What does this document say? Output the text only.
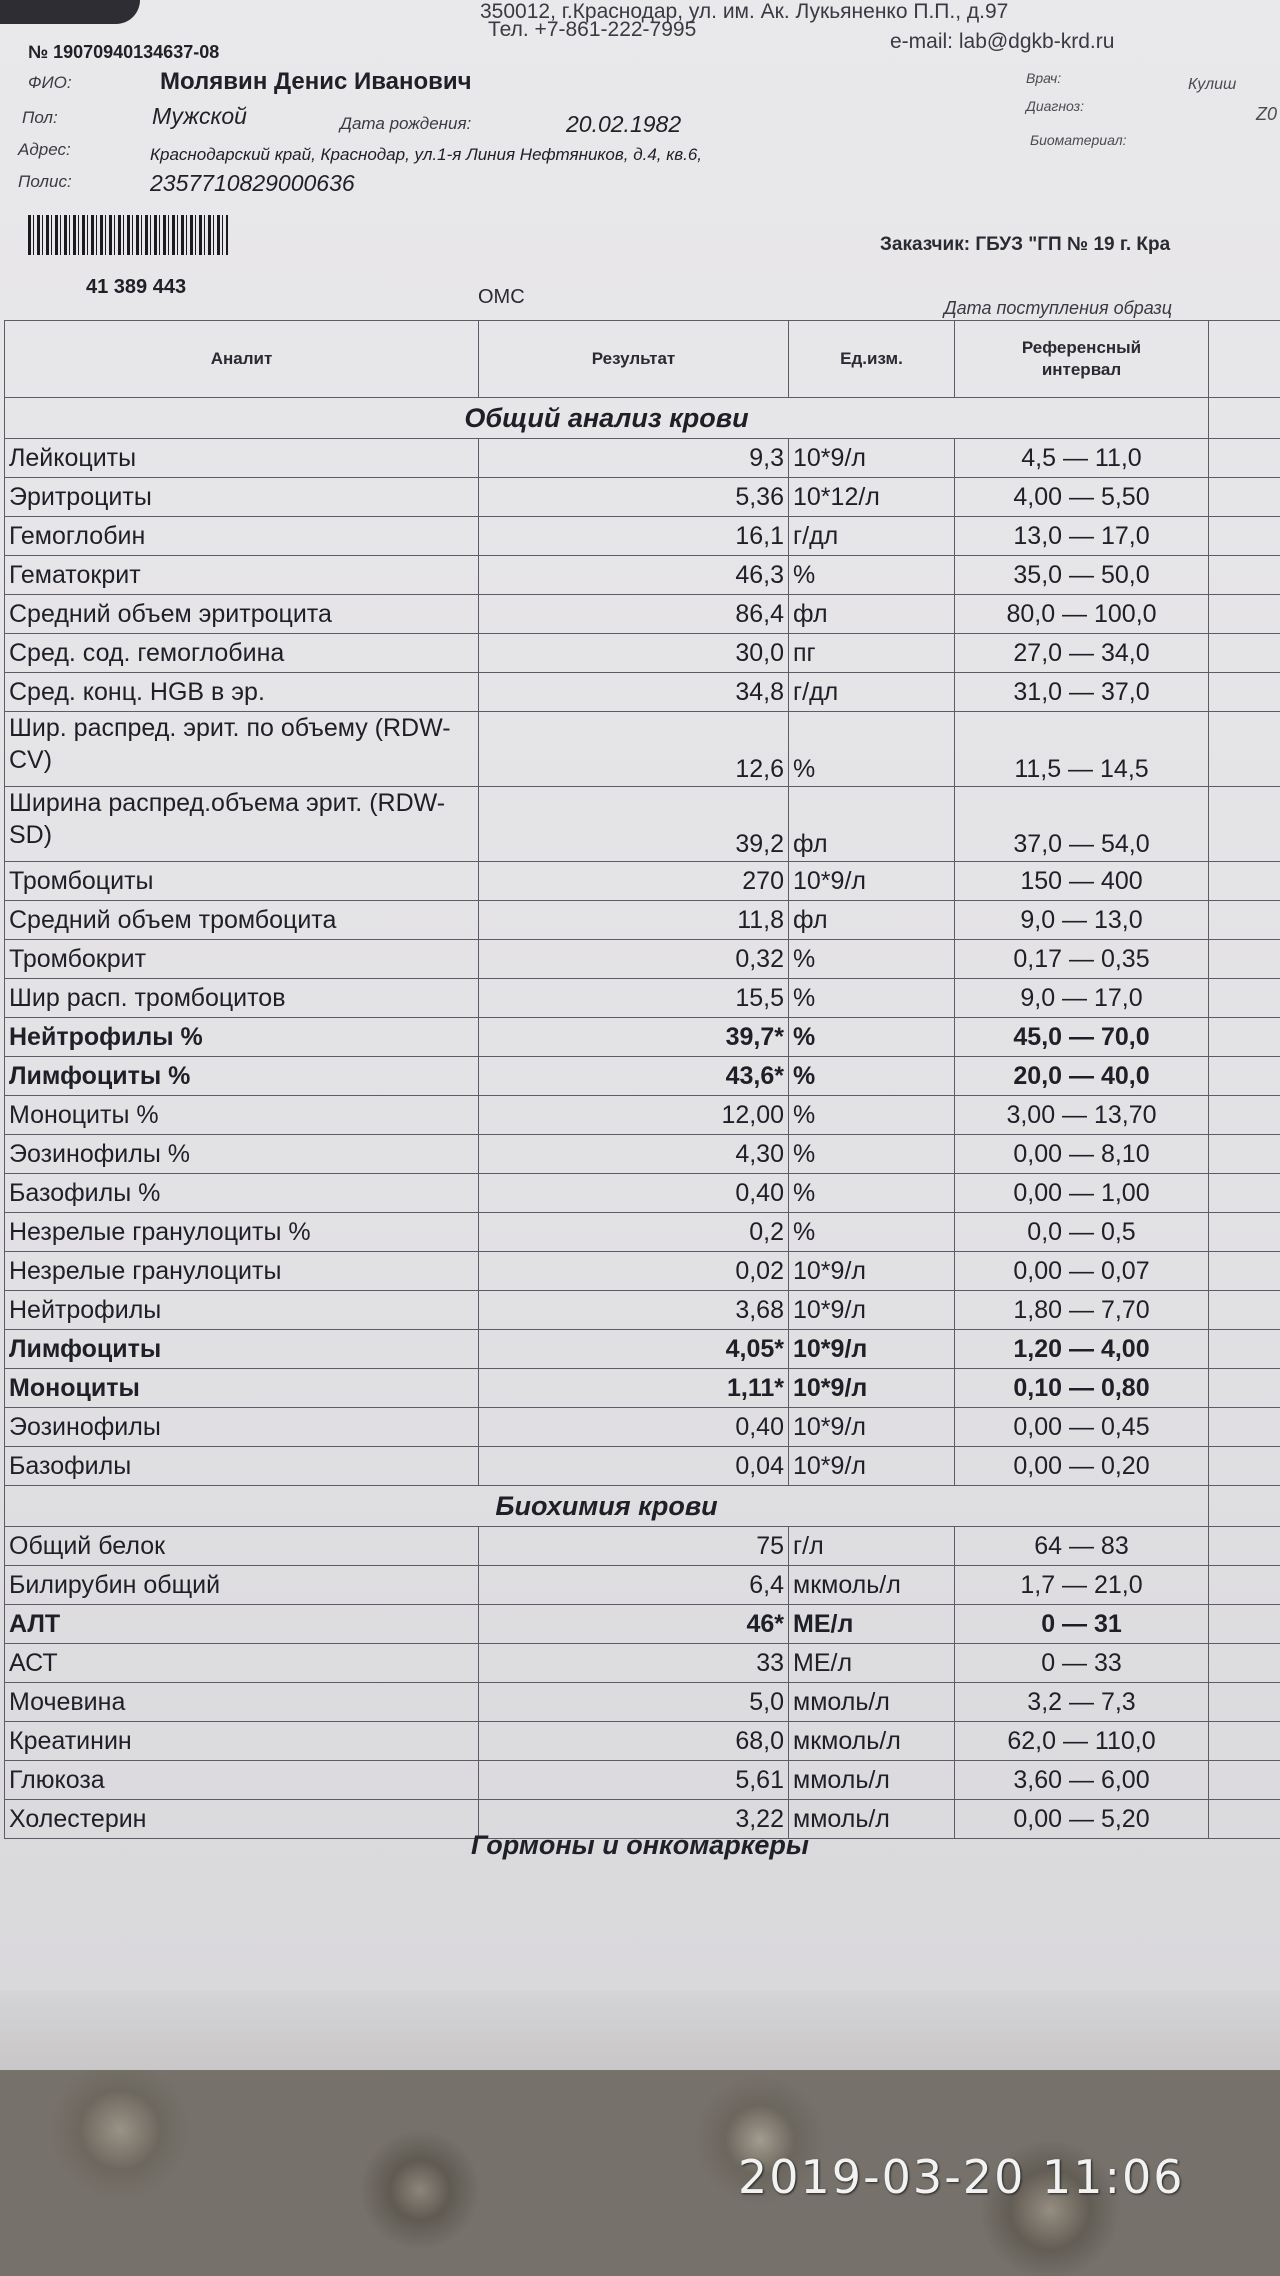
350012, г.Краснодар, ул. им. Ак. Лукьяненко П.П., д.97
Тел. +7-861-222-7995
e-mail: lab@dgkb-krd.ru
№ 19070940134637-08
ФИО:	Молявин Денис Иванович
Пол:	Мужской	Дата рождения:	20.02.1982
Адрес:	Краснодарский край, Краснодар, ул.1-я Линия Нефтяников, д.4, кв.6,
Полис:	2357710829000636
Врач:	Кулиш
Диагноз:	Z0
Биоматериал:
41 389 443	ОМС
Заказчик: ГБУЗ "ГП № 19 г. Кра
Дата поступления образц
Аналит	Результат	Ед.изм.	Референсный
интервал	

Общий анализ крови				
Лейкоциты	9,3	10*9/л	4,5 — 11,0	
Эритроциты	5,36	10*12/л	4,00 — 5,50	
Гемоглобин	16,1	г/дл	13,0 — 17,0	
Гематокрит	46,3	%	35,0 — 50,0	
Средний объем эритроцита	86,4	фл	80,0 — 100,0	
Сред. сод. гемоглобина	30,0	пг	27,0 — 34,0	
Сред. конц. HGB в эр.	34,8	г/дл	31,0 — 37,0	
Шир. распред. эрит. по объему (RDW-CV)	12,6	%	11,5 — 14,5	
Ширина распред.объема эрит. (RDW-SD)	39,2	фл	37,0 — 54,0	
Тромбоциты	270	10*9/л	150 — 400	
Средний объем тромбоцита	11,8	фл	9,0 — 13,0	
Тромбокрит	0,32	%	0,17 — 0,35	
Шир расп. тромбоцитов	15,5	%	9,0 — 17,0	
Нейтрофилы %	39,7*	%	45,0 — 70,0	
Лимфоциты %	43,6*	%	20,0 — 40,0	
Моноциты %	12,00	%	3,00 — 13,70	
Эозинофилы %	4,30	%	0,00 — 8,10	
Базофилы %	0,40	%	0,00 — 1,00	
Незрелые гранулоциты %	0,2	%	0,0 — 0,5	
Незрелые гранулоциты	0,02	10*9/л	0,00 — 0,07	
Нейтрофилы	3,68	10*9/л	1,80 — 7,70	
Лимфоциты	4,05*	10*9/л	1,20 — 4,00	
Моноциты	1,11*	10*9/л	0,10 — 0,80	
Эозинофилы	0,40	10*9/л	0,00 — 0,45	
Базофилы	0,04	10*9/л	0,00 — 0,20	
Биохимия крови				
Общий белок	75	г/л	64 — 83	
Билирубин общий	6,4	мкмоль/л	1,7 — 21,0	
АЛТ	46*	МЕ/л	0 — 31	
АСТ	33	МЕ/л	0 — 33	
Мочевина	5,0	ммоль/л	3,2 — 7,3	
Креатинин	68,0	мкмоль/л	62,0 — 110,0	
Глюкоза	5,61	ммоль/л	3,60 — 6,00	
Холестерин	3,22	ммоль/л	0,00 — 5,20	
Гормоны и онкомаркеры
2019-03-20 11:06
